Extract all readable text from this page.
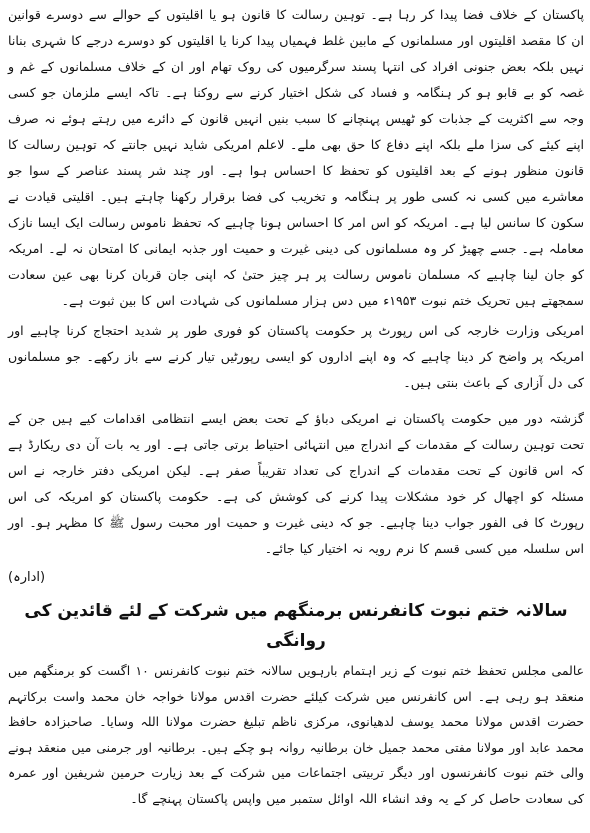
پاکستان کے خلاف فضا پیدا کر رہا ہے۔ توہین رسالت کا قانون ہو یا اقلیتوں کے حوالے سے دوسرے قوانین ان کا مقصد اقلیتوں اور مسلمانوں کے مابین غلط فہمیاں پیدا کرنا یا اقلیتوں کو دوسرے درجے کا شہری بنانا نہیں بلکہ بعض جنونی افراد کی انتہا پسند سرگرمیوں کی روک تھام اور ان کے خلاف مسلمانوں کے غم و غصہ کو بے قابو ہو کر ہنگامہ و فساد کی شکل اختیار کرنے سے روکنا ہے۔ تاکہ ایسے ملزمان جو کسی وجہ سے اکثریت کے جذبات کو ٹھیس پہنچانے کا سبب بنیں انہیں قانون کے دائرے میں رہتے ہوئے نہ صرف اپنے کیئے کی سزا ملے بلکہ اپنے دفاع کا حق بھی ملے۔ لاعلم امریکی شاید نہیں جانتے کہ توہین رسالت کا قانون منظور ہونے کے بعد اقلیتوں کو تحفظ کا احساس ہوا ہے۔ اور چند شر پسند عناصر کے سوا جو معاشرے میں کسی نہ کسی طور پر ہنگامہ و تخریب کی فضا برقرار رکھنا چاہتے ہیں۔ اقلیتی قیادت نے سکون کا سانس لیا ہے۔ امریکہ کو اس امر کا احساس ہونا چاہیے کہ تحفظ ناموس رسالت ایک ایسا نازک معاملہ ہے۔ جسے چھیڑ کر وہ مسلمانوں کی دینی غیرت و حمیت اور جذبہ ایمانی کا امتحان نہ لے۔ امریکہ کو جان لینا چاہیے کہ مسلمان ناموس رسالت پر ہر چیز حتیٰ کہ اپنی جان قربان کرنا بھی عین سعادت سمجھتے ہیں تحریک ختم نبوت ۱۹۵۳ء میں دس ہزار مسلمانوں کی شہادت اس کا بین ثبوت ہے۔

امریکی وزارت خارجہ کی اس رپورٹ پر حکومت پاکستان کو فوری طور پر شدید احتجاج کرنا چاہیے اور امریکہ پر واضح کر دینا چاہیے کہ وہ اپنے اداروں کو ایسی رپورٹیں تیار کرنے سے باز رکھے۔ جو مسلمانوں کی دل آزاری کے باعث بنتی ہیں۔

گزشتہ دور میں حکومت پاکستان نے امریکی دباؤ کے تحت بعض ایسے انتظامی اقدامات کیے ہیں جن کے تحت توہین رسالت کے مقدمات کے اندراج میں انتہائی احتیاط برتی جاتی ہے۔ اور یہ بات آن دی ریکارڈ ہے کہ اس قانون کے تحت مقدمات کے اندراج کی تعداد تقریباً صفر ہے۔ لیکن امریکی دفتر خارجہ نے اس مسئلہ کو اچھال کر خود مشکلات پیدا کرنے کی کوشش کی ہے۔ حکومت پاکستان کو امریکہ کی اس رپورٹ کا فی الفور جواب دینا چاہیے۔ جو کہ دینی غیرت و حمیت اور محبت رسول ﷺ کا مظہر ہو۔ اور اس سلسلہ میں کسی قسم کا نرم رویہ نہ اختیار کیا جائے۔

(ادارہ)
سالانہ ختم نبوت کانفرنس برمنگھم میں شرکت کے لئے قائدین کی روانگی

عالمی مجلس تحفظ ختم نبوت کے زیر اہتمام بارہویں سالانہ ختم نبوت کانفرنس ۱۰ اگست کو برمنگھم میں منعقد ہو رہی ہے۔ اس کانفرنس میں شرکت کیلئے حضرت اقدس مولانا خواجہ خان محمد واست برکاتہم حضرت اقدس مولانا محمد یوسف لدھیانوی، مرکزی ناظم تبلیغ حضرت مولانا اللہ وسایا۔ صاحبزادہ حافظ محمد عابد اور مولانا مفتی محمد جمیل خان برطانیہ روانہ ہو چکے ہیں۔ برطانیہ اور جرمنی میں منعقد ہونے والی ختم نبوت کانفرنسوں اور دیگر تربیتی اجتماعات میں شرکت کے بعد زیارت حرمین شریفین اور عمرہ کی سعادت حاصل کر کے یہ وفد انشاء اللہ اوائل ستمبر میں واپس پاکستان پہنچے گا۔
